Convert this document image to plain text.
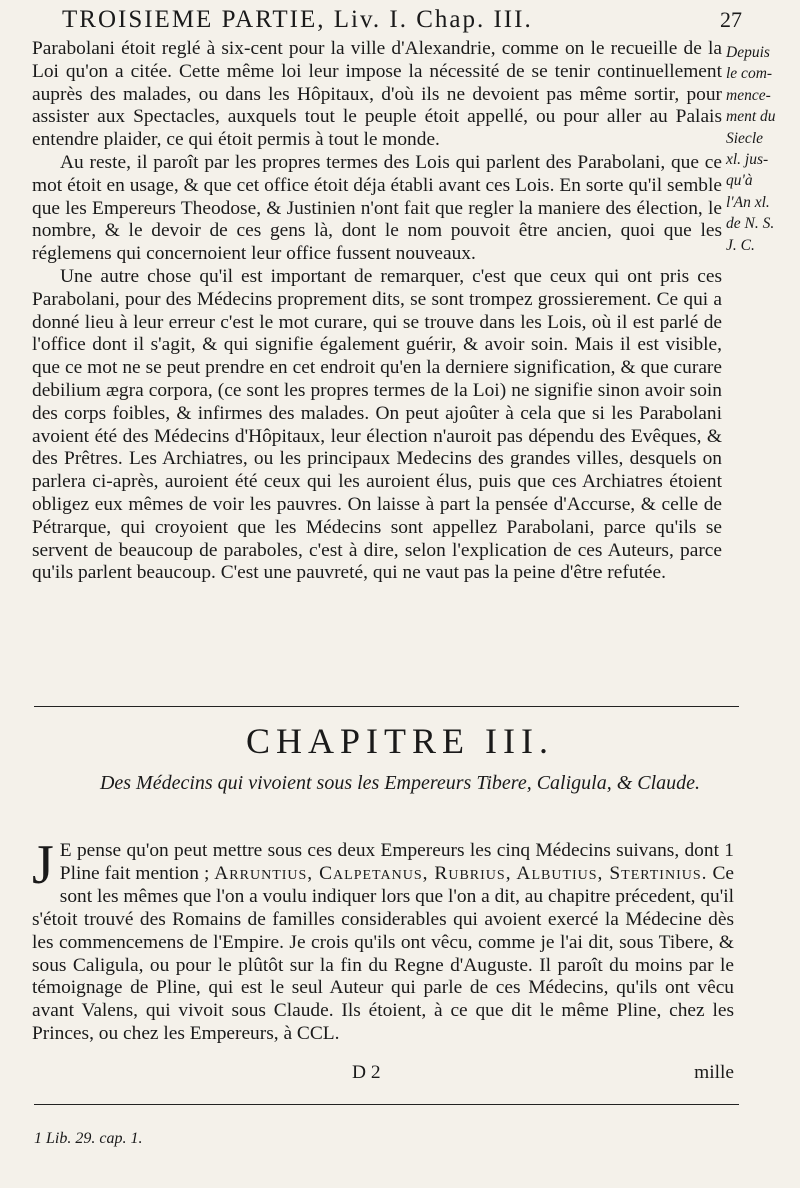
TROISIEME PARTIE, Liv. I. Chap. III.	27
Depuis
le com-
mence-
ment du
Siecle
xl. jus-
qu'à
l'An xl.
de N. S.
J. C.

Parabolani étoit reglé à six-cent pour la ville d'Alexandrie, comme on le recueille de la Loi qu'on a citée. Cette même loi leur impose la nécessité de se tenir continuellement auprès des malades, ou dans les Hôpitaux, d'où ils ne devoient pas même sortir, pour assister aux Spectacles, auxquels tout le peuple étoit appellé, ou pour aller au Palais entendre plaider, ce qui étoit permis à tout le monde.

Au reste, il paroît par les propres termes des Lois qui parlent des Parabolani, que ce mot étoit en usage, & que cet office étoit déja établi avant ces Lois. En sorte qu'il semble que les Empereurs Theodose, & Justinien n'ont fait que regler la maniere des élection, le nombre, & le devoir de ces gens là, dont le nom pouvoit être ancien, quoi que les réglemens qui concernoient leur office fussent nouveaux.

Une autre chose qu'il est important de remarquer, c'est que ceux qui ont pris ces Parabolani, pour des Médecins proprement dits, se sont trompez grossierement. Ce qui a donné lieu à leur erreur c'est le mot curare, qui se trouve dans les Lois, où il est parlé de l'office dont il s'agit, & qui signifie également guérir, & avoir soin. Mais il est visible, que ce mot ne se peut prendre en cet endroit qu'en la derniere signification, & que curare debilium ægra corpora, (ce sont les propres termes de la Loi) ne signifie sinon avoir soin des corps foibles, & infirmes des malades. On peut ajoûter à cela que si les Parabolani avoient été des Médecins d'Hôpitaux, leur élection n'auroit pas dépendu des Evêques, & des Prêtres. Les Archiatres, ou les principaux Medecins des grandes villes, desquels on parlera ci-après, auroient été ceux qui les auroient élus, puis que ces Archiatres étoient obligez eux mêmes de voir les pauvres. On laisse à part la pensée d'Accurse, & celle de Pétrarque, qui croyoient que les Médecins sont appellez Parabolani, parce qu'ils se servent de beaucoup de paraboles, c'est à dire, selon l'explication de ces Auteurs, parce qu'ils parlent beaucoup. C'est une pauvreté, qui ne vaut pas la peine d'être refutée.

CHAPITRE III.
Des Médecins qui vivoient sous les Empereurs Tibere, Caligula, & Claude.
J E pense qu'on peut mettre sous ces deux Empereurs les cinq Médecins suivans, dont 1 Pline fait mention ; Arruntius, Calpetanus, Rubrius, Albutius, Stertinius. Ce sont les mêmes que l'on a voulu indiquer lors que l'on a dit, au chapitre précedent, qu'il s'étoit trouvé des Romains de familles considerables qui avoient exercé la Médecine dès les commencemens de l'Empire. Je crois qu'ils ont vêcu, comme je l'ai dit, sous Tibere, & sous Caligula, ou pour le plûtôt sur la fin du Regne d'Auguste. Il paroît du moins par le témoignage de Pline, qui est le seul Auteur qui parle de ces Médecins, qu'ils ont vêcu avant Valens, qui vivoit sous Claude. Ils étoient, à ce que dit le même Pline, chez les Princes, ou chez les Empereurs, à CCL.
D 2	mille
1 Lib. 29. cap. 1.
